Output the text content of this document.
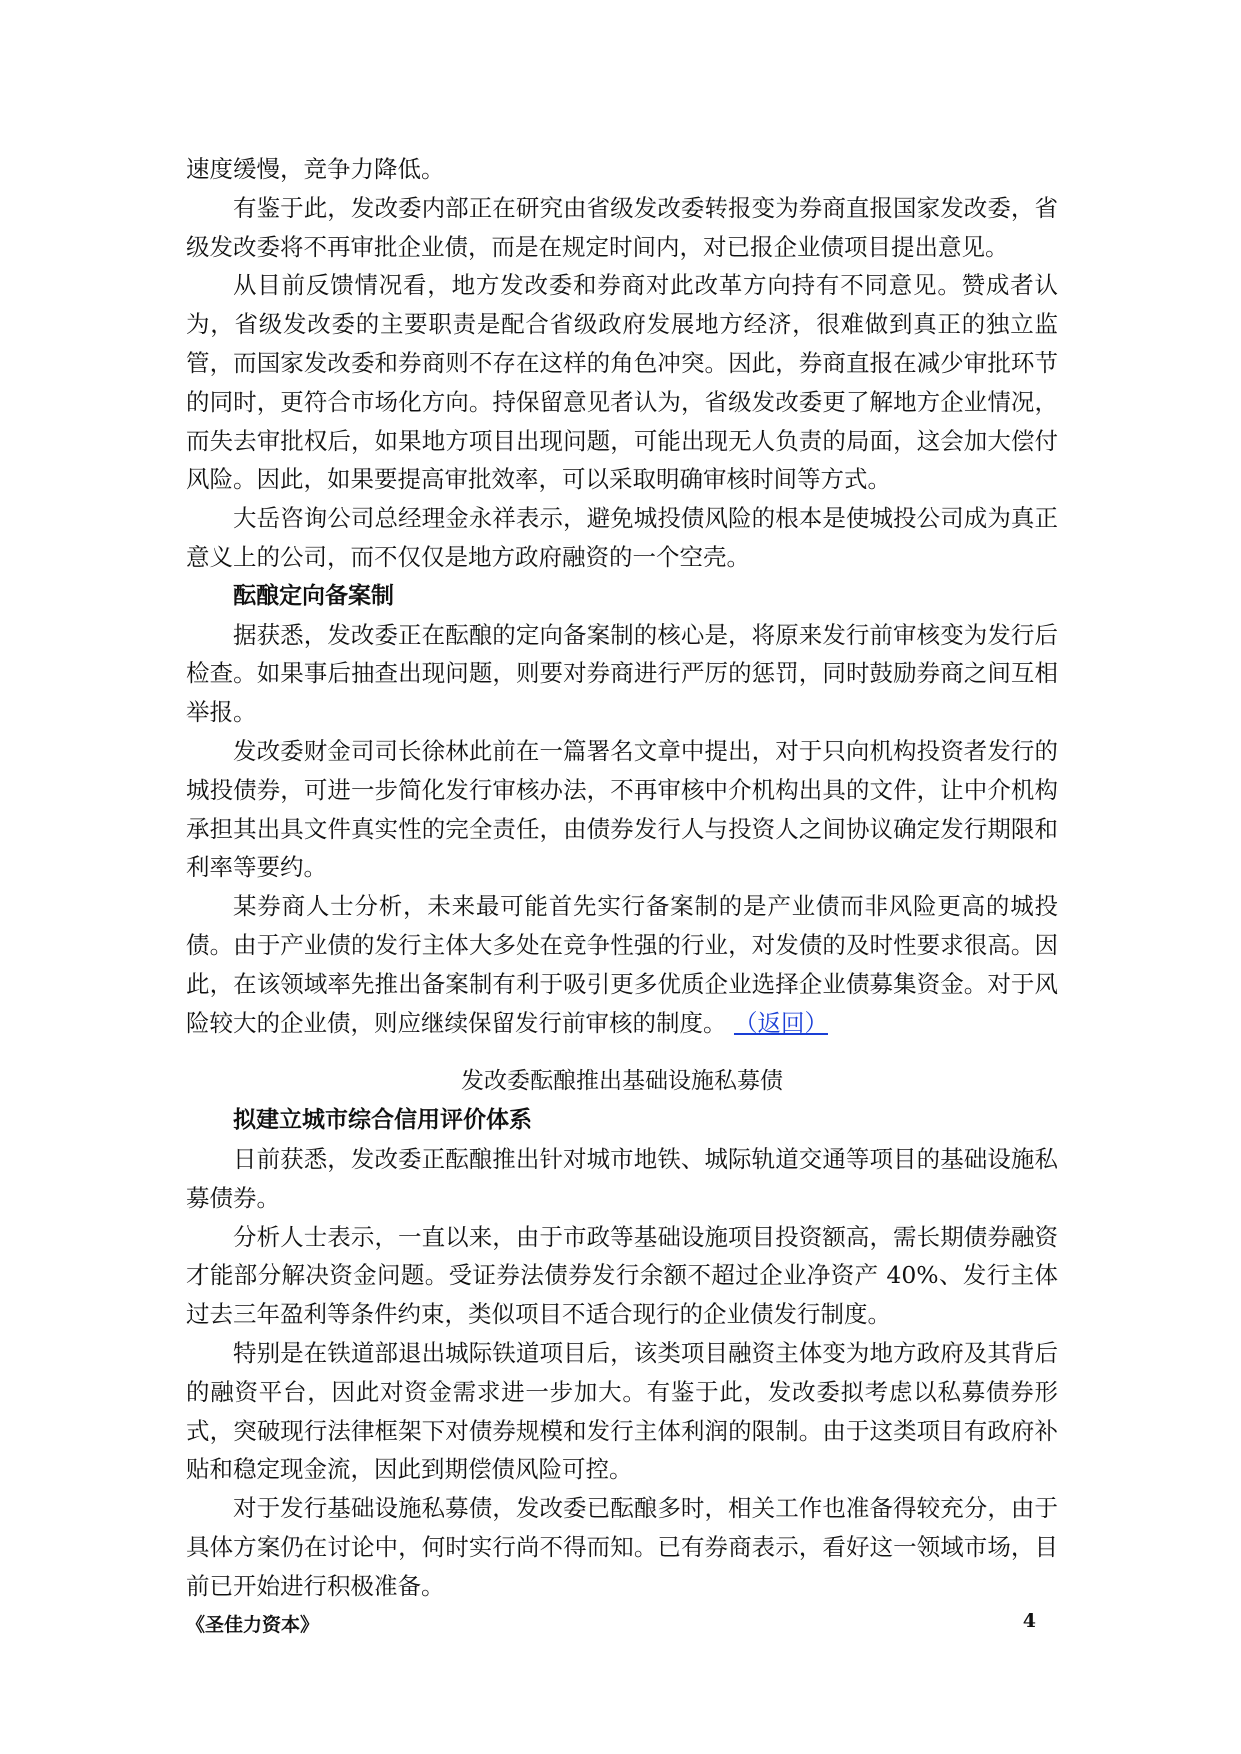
速度缓慢，竞争力降低。

有鉴于此，发改委内部正在研究由省级发改委转报变为券商直报国家发改委，省级发改委将不再审批企业债，而是在规定时间内，对已报企业债项目提出意见。

从目前反馈情况看，地方发改委和券商对此改革方向持有不同意见。赞成者认为，省级发改委的主要职责是配合省级政府发展地方经济，很难做到真正的独立监管，而国家发改委和券商则不存在这样的角色冲突。因此，券商直报在减少审批环节的同时，更符合市场化方向。持保留意见者认为，省级发改委更了解地方企业情况，而失去审批权后，如果地方项目出现问题，可能出现无人负责的局面，这会加大偿付风险。因此，如果要提高审批效率，可以采取明确审核时间等方式。

大岳咨询公司总经理金永祥表示，避免城投债风险的根本是使城投公司成为真正意义上的公司，而不仅仅是地方政府融资的一个空壳。

酝酿定向备案制

据获悉，发改委正在酝酿的定向备案制的核心是，将原来发行前审核变为发行后检查。如果事后抽查出现问题，则要对券商进行严厉的惩罚，同时鼓励券商之间互相举报。

发改委财金司司长徐林此前在一篇署名文章中提出，对于只向机构投资者发行的城投债券，可进一步简化发行审核办法，不再审核中介机构出具的文件，让中介机构承担其出具文件真实性的完全责任，由债券发行人与投资人之间协议确定发行期限和利率等要约。

某券商人士分析，未来最可能首先实行备案制的是产业债而非风险更高的城投债。由于产业债的发行主体大多处在竞争性强的行业，对发债的及时性要求很高。因此，在该领域率先推出备案制有利于吸引更多优质企业选择企业债募集资金。对于风险较大的企业债，则应继续保留发行前审核的制度。 （返回）

发改委酝酿推出基础设施私募债

拟建立城市综合信用评价体系

日前获悉，发改委正酝酿推出针对城市地铁、城际轨道交通等项目的基础设施私募债券。

分析人士表示，一直以来，由于市政等基础设施项目投资额高，需长期债券融资才能部分解决资金问题。受证券法债券发行余额不超过企业净资产 40%、发行主体过去三年盈利等条件约束，类似项目不适合现行的企业债发行制度。

特别是在铁道部退出城际铁道项目后，该类项目融资主体变为地方政府及其背后的融资平台，因此对资金需求进一步加大。有鉴于此，发改委拟考虑以私募债券形式，突破现行法律框架下对债券规模和发行主体利润的限制。由于这类项目有政府补贴和稳定现金流，因此到期偿债风险可控。

对于发行基础设施私募债，发改委已酝酿多时，相关工作也准备得较充分，由于具体方案仍在讨论中，何时实行尚不得而知。已有券商表示，看好这一领域市场，目前已开始进行积极准备。

《圣佳力资本》	4
